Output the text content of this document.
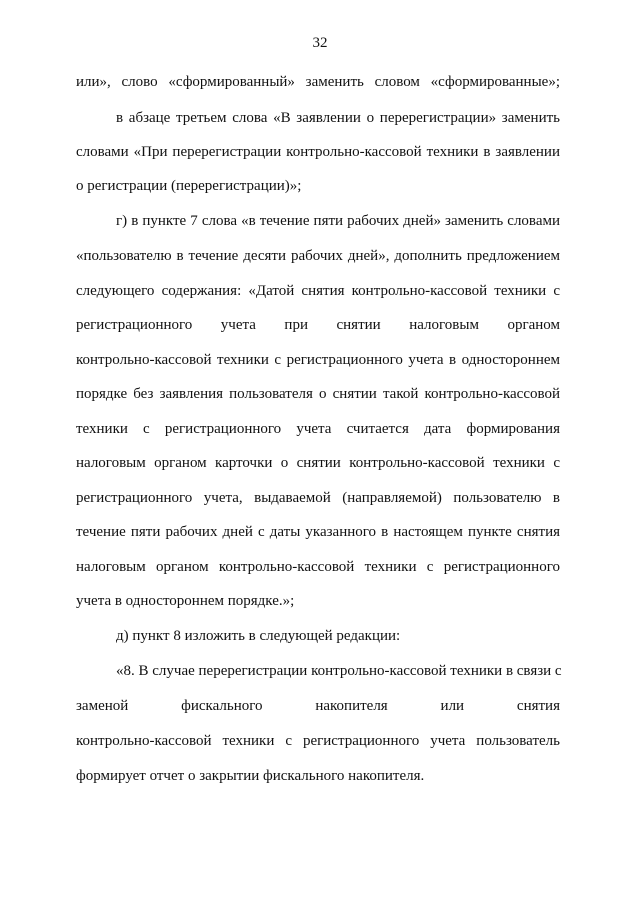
32
или», слово «сформированный» заменить словом «сформированные»;
в абзаце третьем слова «В заявлении о перерегистрации» заменить
словами «При перерегистрации контрольно-кассовой техники в заявлении
о регистрации (перерегистрации)»;
г) в пункте 7 слова «в течение пяти рабочих дней» заменить словами
«пользователю в течение десяти рабочих дней», дополнить предложением
следующего содержания: «Датой снятия контрольно-кассовой техники с
регистрационного учета при снятии налоговым органом
контрольно-кассовой техники с регистрационного учета в одностороннем
порядке без заявления пользователя о снятии такой контрольно-кассовой
техники с регистрационного учета считается дата формирования
налоговым органом карточки о снятии контрольно-кассовой техники с
регистрационного учета, выдаваемой (направляемой) пользователю в
течение пяти рабочих дней с даты указанного в настоящем пункте снятия
налоговым органом контрольно-кассовой техники с регистрационного
учета в одностороннем порядке.»;
д) пункт 8 изложить в следующей редакции:
«8. В случае перерегистрации контрольно-кассовой техники в связи с
заменой фискального накопителя или снятия
контрольно-кассовой техники с регистрационного учета пользователь
формирует отчет о закрытии фискального накопителя.
